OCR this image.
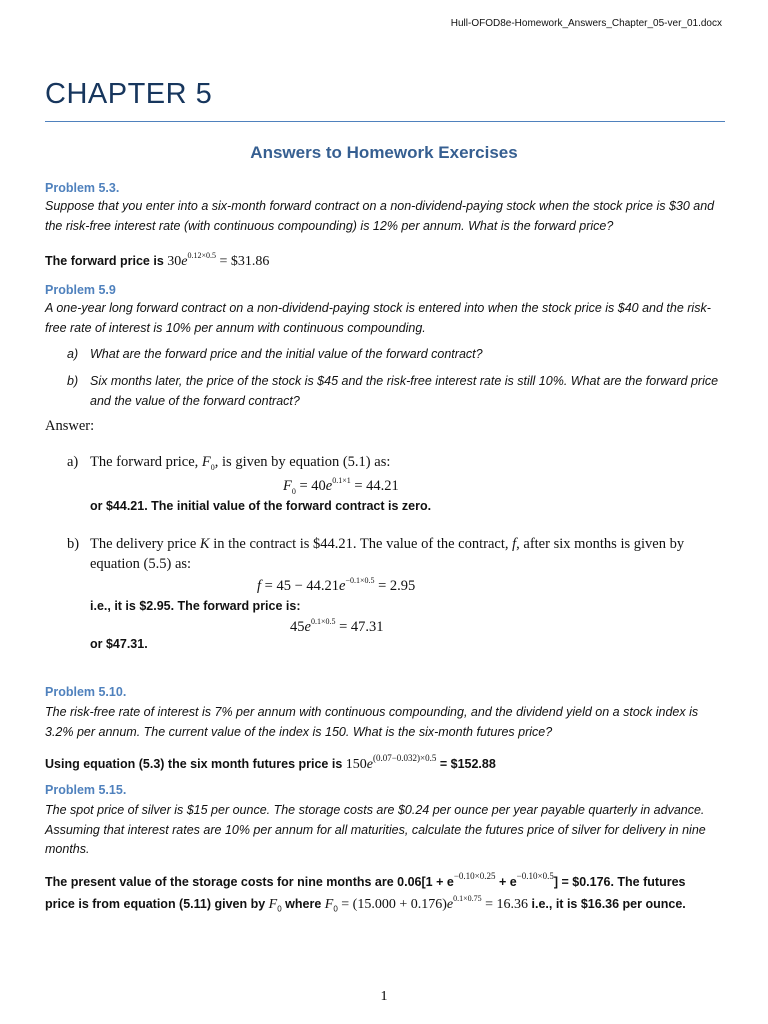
Hull-OFOD8e-Homework_Answers_Chapter_05-ver_01.docx
CHAPTER 5
Answers to Homework Exercises
Problem 5.3.
Suppose that you enter into a six-month forward contract on a non-dividend-paying stock when the stock price is $30 and the risk-free interest rate (with continuous compounding) is 12% per annum. What is the forward price?
The forward price is $30e^{0.12\times 0.5}$ = $31.86
Problem 5.9
A one-year long forward contract on a non-dividend-paying stock is entered into when the stock price is $40 and the risk-free rate of interest is 10% per annum with continuous compounding.
a) What are the forward price and the initial value of the forward contract?
b) Six months later, the price of the stock is $45 and the risk-free interest rate is still 10%. What are the forward price and the value of the forward contract?
Answer:
a) The forward price, $F_0$, is given by equation (5.1) as:
$F_0 = 40e^{0.1\times 1} = 44.21$
or $44.21. The initial value of the forward contract is zero.
b) The delivery price K in the contract is $44.21. The value of the contract, f, after six months is given by equation (5.5) as:
$f = 45 - 44.21e^{-0.1\times 0.5} = 2.95$
i.e., it is $2.95. The forward price is:
$45e^{0.1\times 0.5} = 47.31$
or $47.31.
Problem 5.10.
The risk-free rate of interest is 7% per annum with continuous compounding, and the dividend yield on a stock index is 3.2% per annum. The current value of the index is 150. What is the six-month futures price?
Using equation (5.3) the six month futures price is $150e^{(0.07-0.032)\times 0.5}$ = $152.88
Problem 5.15.
The spot price of silver is $15 per ounce. The storage costs are $0.24 per ounce per year payable quarterly in advance. Assuming that interest rates are 10% per annum for all maturities, calculate the futures price of silver for delivery in nine months.
The present value of the storage costs for nine months are $0.06[1 + e^{-0.10\times 0.25} + e^{-0.10\times 0.5}]$ = $0.176. The futures
price is from equation (5.11) given by $F_0$ where $F_0 = (15.000 + 0.176)e^{0.1\times 0.75} = 16.36$ i.e., it is $16.36 per ounce.
1
